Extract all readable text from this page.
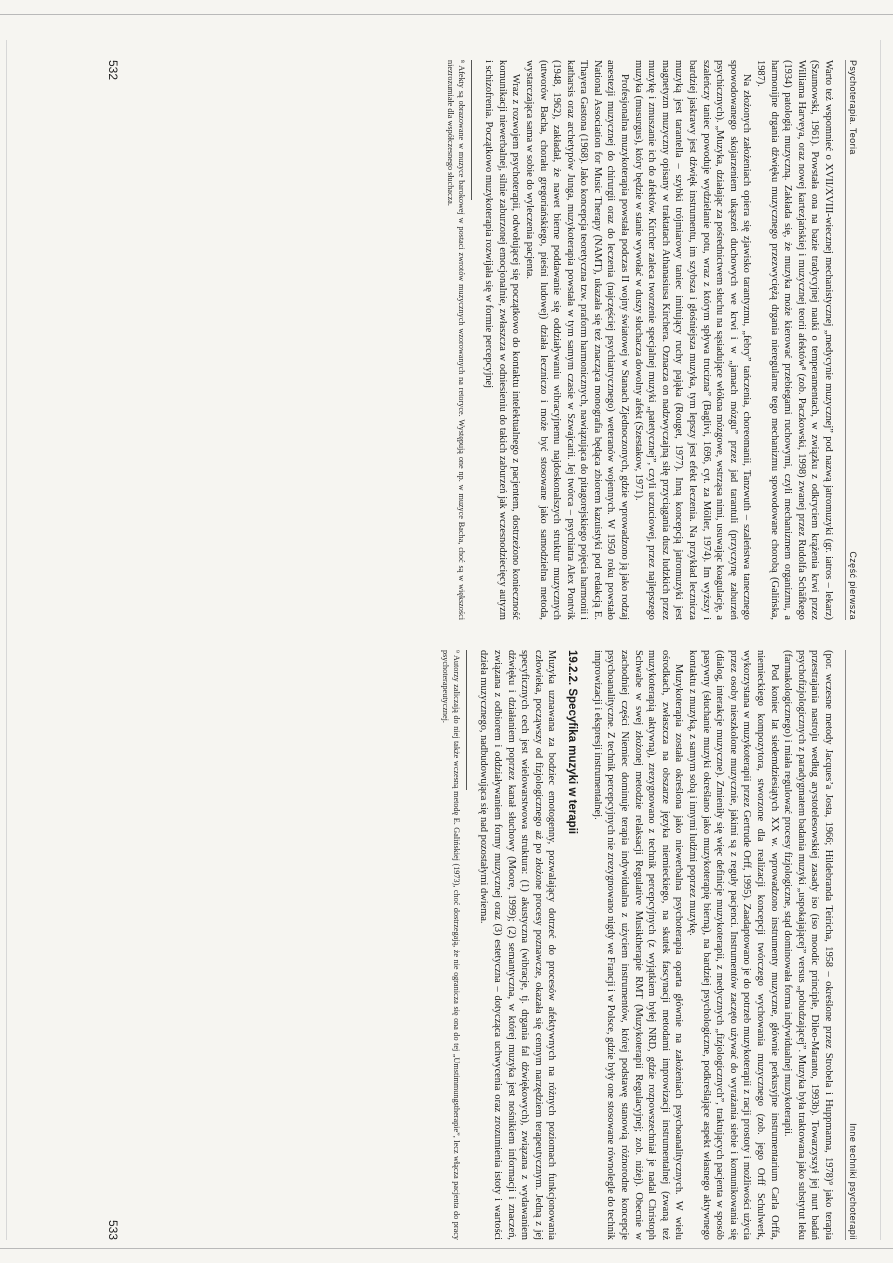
Psychoterapia. Teoria
Część pierwsza

Warto też wspomnieć o XVII/XVIII-wiecznej mechanistycznej „medycynie muzycznej” pod nazwą jatromuzyki (gr. iatros – lekarz) (Szumowski, 1961). Powstała ona na bazie tradycyjnej nauki o temperamentach, w związku z odkryciem krążenia krwi przez Williama Harveya, oraz nowej kartezjańskiej i muzycznej teorii afektów⁸ (zob. Paczkowski, 1998) zwanej przez Rudolfa Schäfkego (1934) patologią muzyczną. Zakłada się, że muzyka może kierować przebiegami ruchowymi, czyli mechanizmem organizmu, a harmonijne drgania dźwięku muzycznego przezwyciężą drgania nieregularne tego mechanizmu spowodowane chorobą (Galińska, 1987).

Na złożonych założeniach opiera się zjawisko tarantyzmu, „febry” tańczenia, choreomanii, Tanzwuth – szaleństwa tanecznego spowodowanego skojarzeniem ukąszeń duchowych we krwi i w „jamach mózgu” przez jad tarantuli (przyczynę zaburzeń psychicznych). „Muzyka, działając za pośrednictwem słuchu na sąsiadujące włókna mózgowe, wstrząsa nimi, usuwając koagulację, a szaleńczy taniec powoduje wydzielanie potu, wraz z którym spływa trucizna” (Baglivi, 1696, cyt. za Möller, 1974). Im wyższy i bardziej jaskrawy jest dźwięk instrumentu, im szybsza i głośniejsza muzyka, tym lepszy jest efekt leczenia. Na przykład lecznicza muzyką jest tarantella – szybki trójmiarowy taniec imitujący ruchy pająka (Rouget, 1977). Inną koncepcją jatromuzyki jest magnetyzm muzyczny opisany w traktatach Athanasiusa Kirchera. Oznacza on nadzwyczajną siłę przyciągania dusz ludzkich przez muzykę i zmuszanie ich do afektów. Kircher zaleca tworzenie specjalnej muzyki „patetycznej”, czyli uczuciowej, przez najlepszego muzyka (musurgus), który będzie w stanie wywołać w duszy słuchacza dowolny afekt (Szestakow, 1971).

Profesjonalna muzykoterapia powstała podczas II wojny światowej w Stanach Zjednoczonych, gdzie wprowadzono ją jako rodzaj anestezji muzycznej do chirurgii oraz do leczenia (najczęściej psychiatrycznego) weteranów wojennych. W 1950 roku powstało National Association for Music Therapy (NAMT), ukazała się też znacząca monografia będąca zbiorem kazuistyki pod redakcją E. Thayera Gastona (1968). Jako koncepcja teoretyczna tzw. praform harmonicznych, nawiązująca do pitagorejskiego pojęcia harmonii i katharsis oraz archetypów Junga, muzykoterapia powstała w tym samym czasie w Szwajcarii. Jej twórca – psychiatra Alex Pontvik (1948, 1962), zakładał, że nawet bierne poddawanie się oddziaływaniu wibracyjnemu najdoskonalszych struktur muzycznych (utworów Bacha, chorału gregoriańskiego, pieśni ludowej) działa leczniczo i może być stosowane jako samodzielna metoda, wystarczająca sama w sobie do wyleczenia pacjenta.

Wraz z rozwojem psychoterapii, odwołującej się początkowo do kontaktu intelektualnego z pacjentem, dostrzeżono konieczność komunikacji niewerbalnej, silnie zaburzonej emocjonalnie, zwłaszcza w odniesieniu do takich zaburzeń jak wczesnodziecięcy autyzm i schizofrenia. Początkowo muzykoterapia rozwijała się w formie percepcyjnej

⁸ Afekty są obrazowane w muzyce barokowej w postaci zwrotów muzycznych wzorowanych na retoryce. Występują one np. w muzyce Bacha, choć są w większości niezrozumiałe dla współczesnego słuchacza.
532
Inne techniki psychoterapii

(por. wczesne metody Jacques’a Josta, 1966; Hildebranda Teiricha, 1958 – określone przez Strobela i Huppmanna, 1978)⁹ jako terapia przestrajania nastroju według arystotelesowskiej zasady iso (iso moodic principle, Dileo-Maranto, 1993b). Towarzyszył jej nurt badań psychofizjologicznych z paradygmatem badania muzyki „uspokajającej” versus „pobudzającej”. Muzyka była traktowana jako substytut leku (farmakologicznego) i miała regulować procesy fizjologiczne, stąd dominowała forma indywidualnej muzykoterapii.

Pod koniec lat siedemdziesiątych XX w. wprowadzono instrumenty muzyczne, głównie perkusyjne instrumentarium Carla Orffa, niemieckiego kompozytora, stworzone dla realizacji koncepcji twórczego wychowania muzycznego (zob. jego Orff Schulwerk, wykorzystana w muzykoterapii przez Gertrude Orff, 1995). Zaadaptowano je do potrzeb muzykoterapii z racji prostoty i możliwości użycia przez osoby nieszkolone muzycznie, jakimi są z reguły pacjenci. Instrumentów zaczęto używać do wyrażania siebie i komunikowania się (dialog, interakcje muzyczne). Zmieniły się więc definicje muzykoterapii, z medycznych „fizjologicznych”, traktujących pacjenta w sposób pasywny (słuchanie muzyki określano jako muzykoterapię bierną), na bardziej psychologiczne, podkreślające aspekt własnego aktywnego kontaktu z muzyką, z samym sobą i innymi ludźmi poprzez muzykę.

Muzykoterapia została określona jako niewerbalna psychoterapia oparta głównie na założeniach psychoanalitycznych. W wielu ośrodkach, zwłaszcza na obszarze języka niemieckiego, na skutek fascynacji metodami improwizacji instrumentalnej (zwaną też muzykoterapią aktywną), zrezygnowano z technik percepcyjnych (z wyjątkiem byłej NRD, gdzie rozpowszechniał je nadal Christoph Schwabe w swej złożonej metodzie relaksacji Regulative Musiktherapie RMT (Muzykoterapii Regulacyjnej; zob. niżej). Obecnie w zachodniej części Niemiec dominuje terapia indywidualna z użyciem instrumentów, której podstawę stanowią różnorodne koncepcje psychoanalityczne. Z technik percepcyjnych nie zrezygnowano nigdy we Francji i w Polsce, gdzie były one stosowane równolegle do technik improwizacji i ekspresji instrumentalnej.

19.2.2. Specyfika muzyki w terapii

Muzyka uznawana za bodziec emotogenny, pozwalający dotrzeć do procesów afektywnych na różnych poziomach funkcjonowania człowieka, począwszy od fizjologicznego aż po złożone procesy poznawcze, okazała się cennym narzędziem terapeutycznym. Jedną z jej specyficznych cech jest wielowarstwowa struktura: (1) akustyczna (wibracje, tj. drgania fal dźwiękowych), związana z wydawaniem dźwięku i działaniem poprzez kanał słuchowy (Moore, 1999); (2) semantyczna, w której muzyka jest nośnikiem informacji i znaczeń, związana z odbiorem i oddziaływaniem formy muzycznej oraz (3) estetyczna – dotycząca uchwycenia oraz zrozumienia istoty i wartości dzieła muzycznego, nadbudowująca się nad pozostałymi dwiema.

⁹ Autorzy zaliczają do niej także wczesną metodę E. Galińskiej (1973), choć dostrzegają, że nie ogranicza się ona do tej „Umstimmungstherapie”, lecz włącza pacjenta do pracy psychoterapeutycznej.
533
